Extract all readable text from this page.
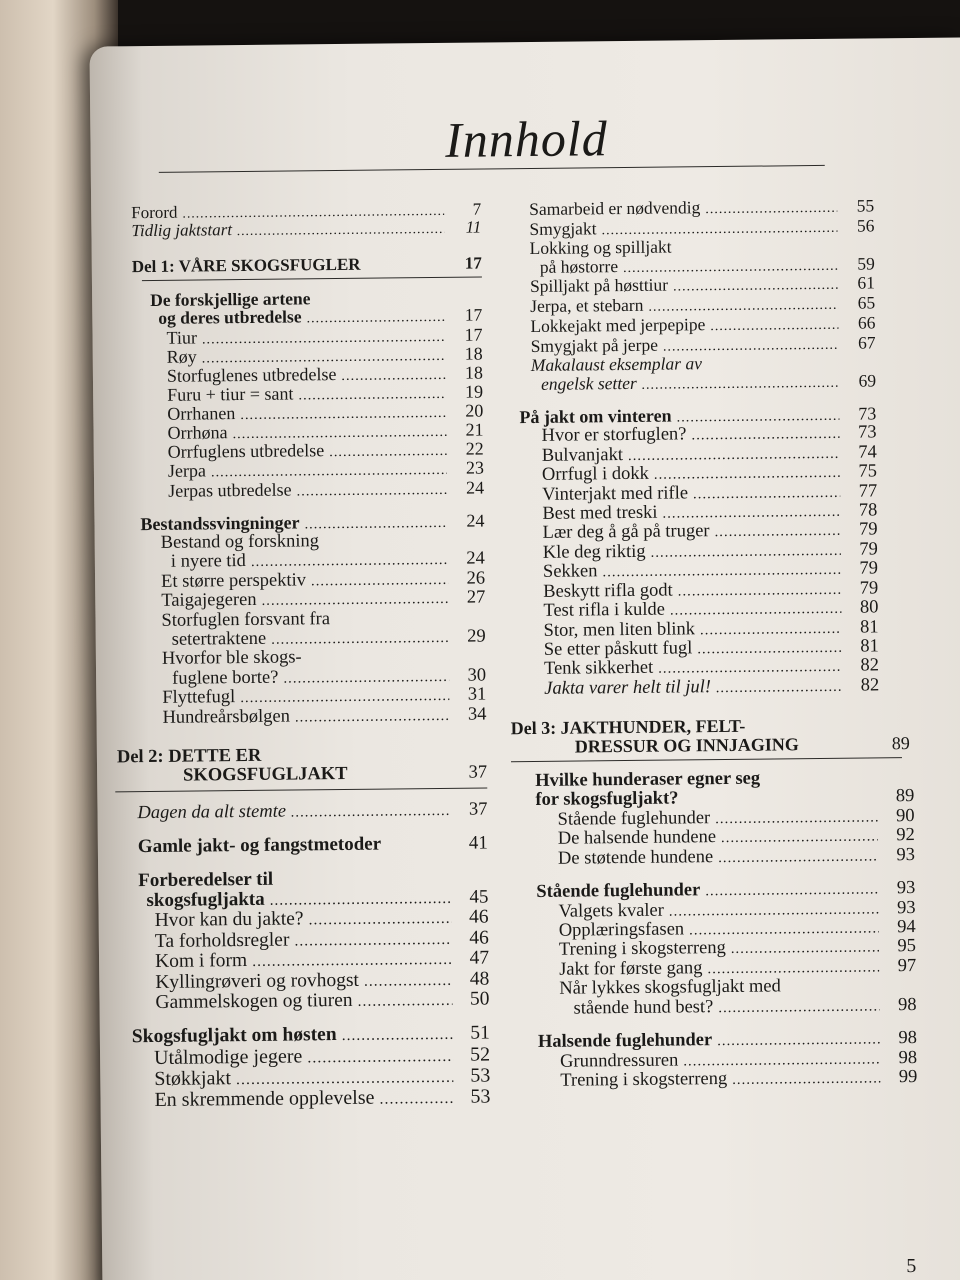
Innhold
Forord .....	7
Tidlig jaktstart .....	11
Del 1: VÅRE SKOGSFUGLER	17
De forskjellige artene
og deres utbredelse .....	17
Tiur .....	17
Røy .....	18
Storfuglenes utbredelse .....	18
Furu + tiur = sant .....	19
Orrhanen .....	20
Orrhøna .....	21
Orrfuglens utbredelse .....	22
Jerpa .....	23
Jerpas utbredelse .....	24
Bestandssvingninger .....	24
Bestand og forskning
i nyere tid .....	24
Et større perspektiv .....	26
Taigajegeren .....	27
Storfuglen forsvant fra
setertraktene .....	29
Hvorfor ble skogs-
fuglene borte? .....	30
Flyttefugl .....	31
Hundreårsbølgen .....	34
Del 2: DETTE ER
SKOGSFUGLJAKT	37
Dagen da alt stemte .....	37
Gamle jakt- og fangstmetoder	41
Forberedelser til
skogsfugljakta .....	45
Hvor kan du jakte? .....	46
Ta forholdsregler .....	46
Kom i form .....	47
Kyllingrøveri og rovhogst .....	48
Gammelskogen og tiuren .....	50
Skogsfugljakt om høsten .....	51
Utålmodige jegere .....	52
Støkkjakt .....	53
En skremmende opplevelse .....	53
Samarbeid er nødvendig .....	55
Smygjakt .....	56
Lokking og spilljakt
på høstorre .....	59
Spilljakt på høsttiur .....	61
Jerpa, et stebarn .....	65
Lokkejakt med jerpepipe .....	66
Smygjakt på jerpe .....	67
Makalaust eksemplar av
engelsk setter .....	69
På jakt om vinteren .....	73
Hvor er storfuglen? .....	73
Bulvanjakt .....	74
Orrfugl i dokk .....	75
Vinterjakt med rifle .....	77
Best med treski .....	78
Lær deg å gå på truger .....	79
Kle deg riktig .....	79
Sekken .....	79
Beskytt rifla godt .....	79
Test rifla i kulde .....	80
Stor, men liten blink .....	81
Se etter påskutt fugl .....	81
Tenk sikkerhet .....	82
Jakta varer helt til jul! .....	82
Del 3: JAKTHUNDER, FELT-
DRESSUR OG INNJAGING	89
Hvilke hunderaser egner seg
for skogsfugljakt?	89
Stående fuglehunder .....	90
De halsende hundene .....	92
De støtende hundene .....	93
Stående fuglehunder .....	93
Valgets kvaler .....	93
Opplæringsfasen .....	94
Trening i skogsterreng .....	95
Jakt for første gang .....	97
Når lykkes skogsfugljakt med
stående hund best? .....	98
Halsende fuglehunder .....	98
Grunndressuren .....	98
Trening i skogsterreng .....	99
5
